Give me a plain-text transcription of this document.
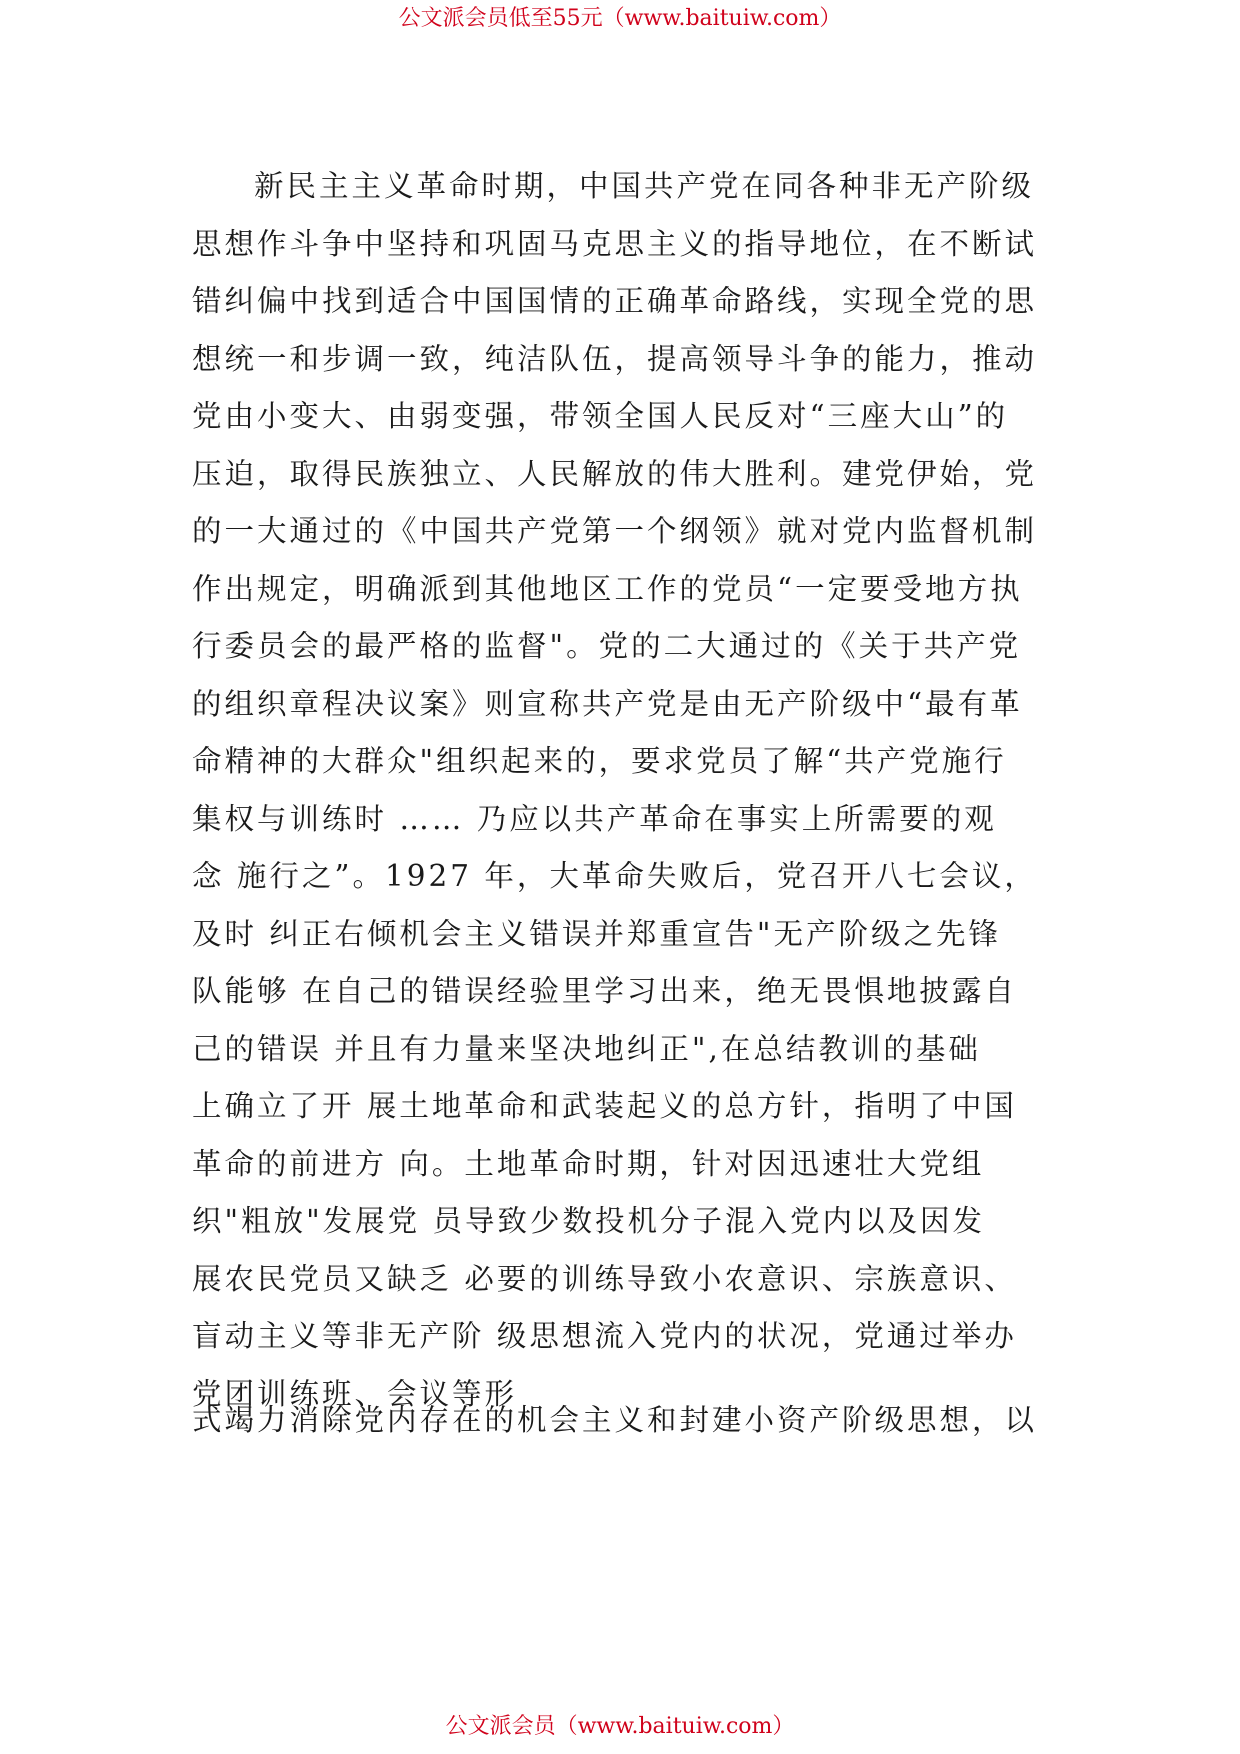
公文派会员低至55元（www.baituiw.com）
新民主主义革命时期，中国共产党在同各种非无产阶级
思想作斗争中坚持和巩固马克思主义的指导地位，在不断试
错纠偏中找到适合中国国情的正确革命路线，实现全党的思
想统一和步调一致，纯洁队伍，提高领导斗争的能力，推动
党由小变大、由弱变强，带领全国人民反对“三座大山”的
压迫，取得民族独立、人民解放的伟大胜利。建党伊始，党
的一大通过的《中国共产党第一个纲领》就对党内监督机制
作出规定，明确派到其他地区工作的党员“一定要受地方执
行委员会的最严格的监督"。党的二大通过的《关于共产党
的组织章程决议案》则宣称共产党是由无产阶级中“最有革
命精神的大群众"组织起来的，要求党员了解“共产党施行
集权与训练时 …… 乃应以共产革命在事实上所需要的观
念 施行之”。1927 年，大革命失败后，党召开八七会议，
及时 纠正右倾机会主义错误并郑重宣告"无产阶级之先锋
队能够 在自己的错误经验里学习出来，绝无畏惧地披露自
己的错误 并且有力量来坚决地纠正",在总结教训的基础
上确立了开 展土地革命和武装起义的总方针，指明了中国
革命的前进方 向。土地革命时期，针对因迅速壮大党组
织"粗放"发展党 员导致少数投机分子混入党内以及因发
展农民党员又缺乏 必要的训练导致小农意识、宗族意识、
盲动主义等非无产阶 级思想流入党内的状况，党通过举办
党团训练班、会议等形
式竭力消除党内存在的机会主义和封建小资产阶级思想，以
公文派会员（www.baituiw.com）
